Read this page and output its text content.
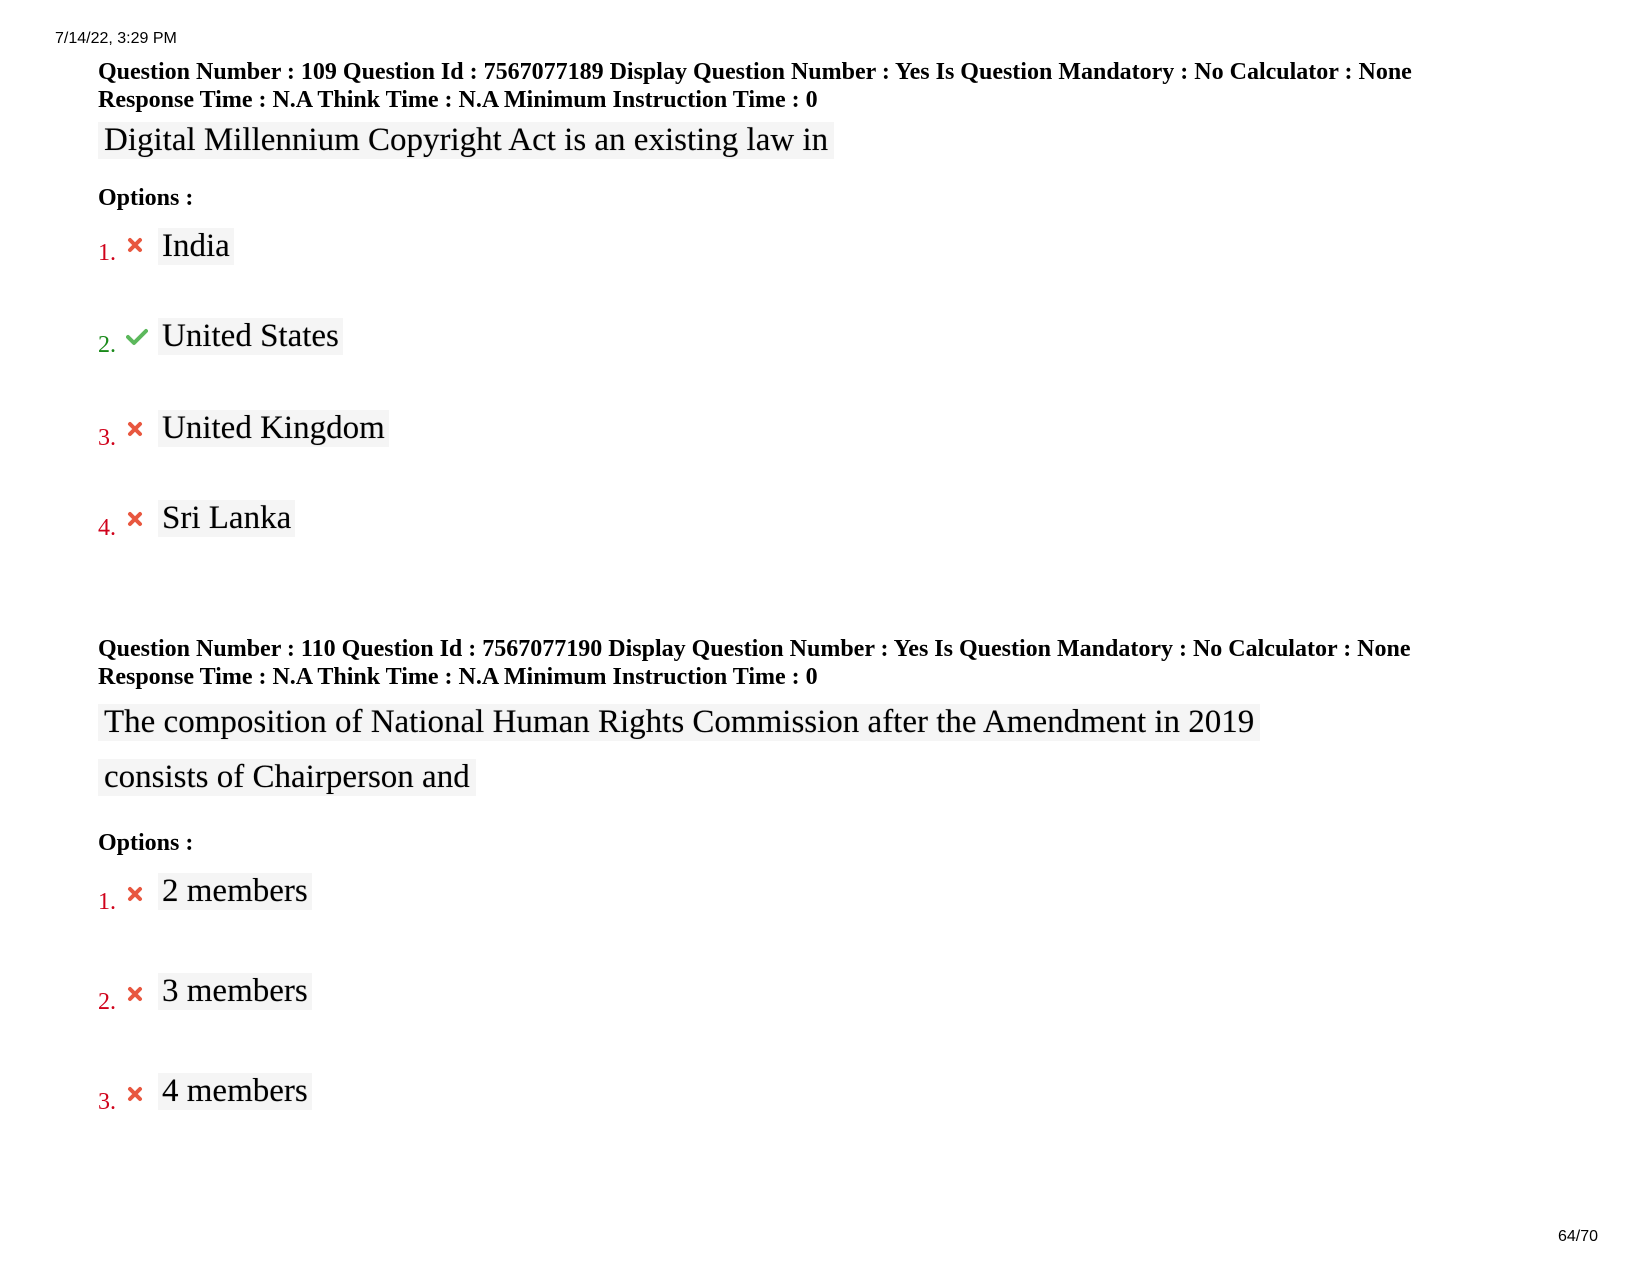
7/14/22, 3:29 PM
Question Number : 109 Question Id : 7567077189 Display Question Number : Yes Is Question Mandatory : No Calculator : None
Response Time : N.A Think Time : N.A Minimum Instruction Time : 0
Digital Millennium Copyright Act is an existing law in
Options :
1. India
2. United States
3. United Kingdom
4. Sri Lanka
Question Number : 110 Question Id : 7567077190 Display Question Number : Yes Is Question Mandatory : No Calculator : None
Response Time : N.A Think Time : N.A Minimum Instruction Time : 0
The composition of National Human Rights Commission after the Amendment in 2019
consists of Chairperson and
Options :
1. 2 members
2. 3 members
3. 4 members
64/70
